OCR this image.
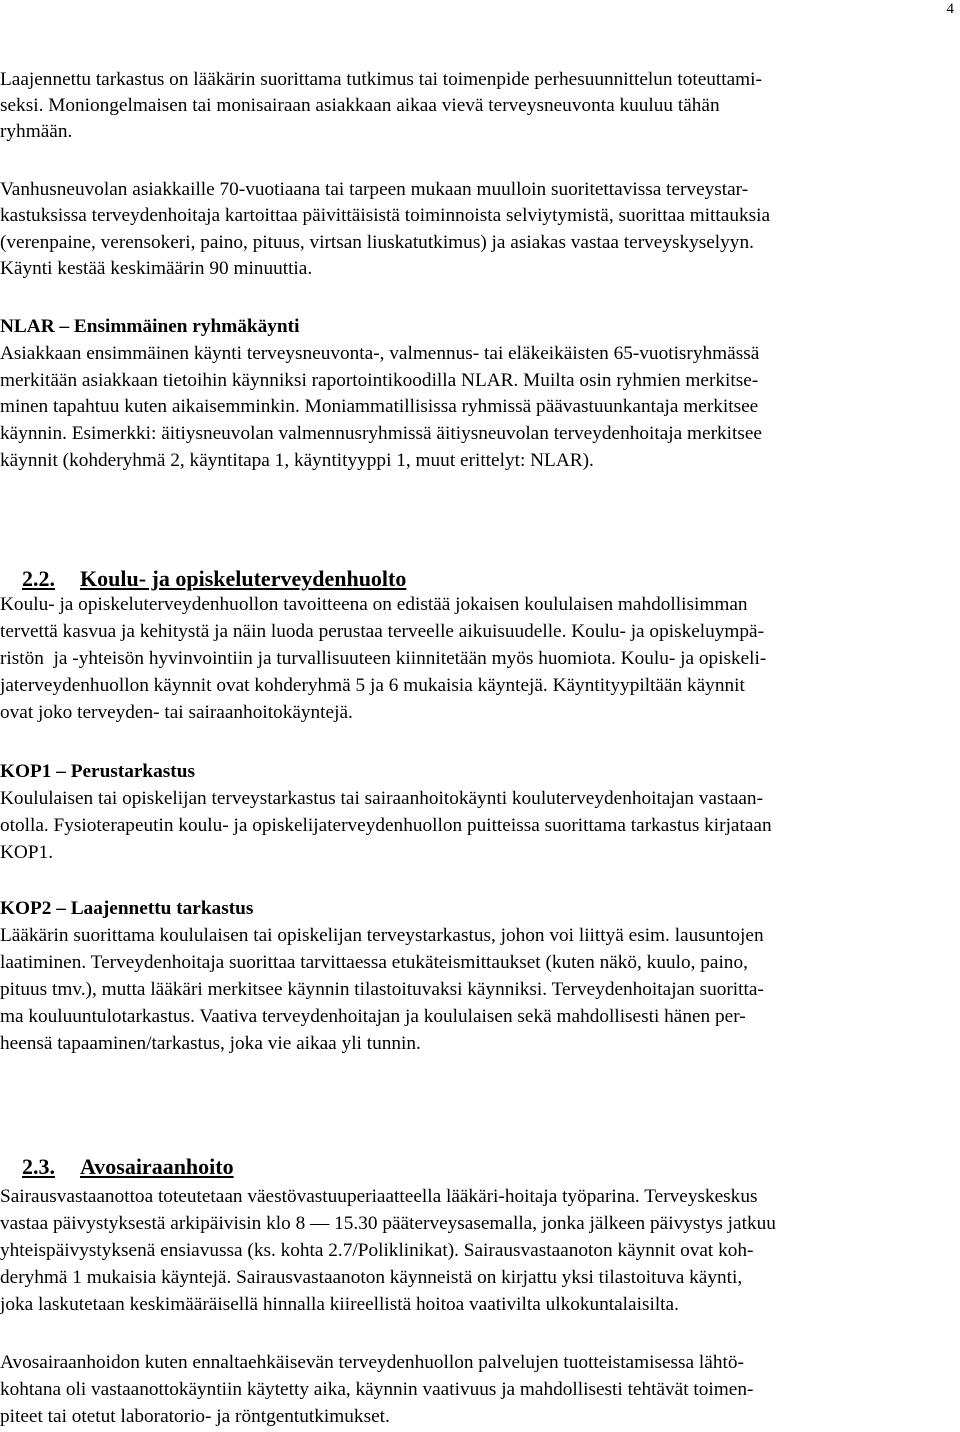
4

Laajennettu tarkastus on lääkärin suorittama tutkimus tai toimenpide perhesuunnittelun toteuttami-

seksi. Moniongelmaisen tai monisairaan asiakkaan aikaa vievä terveysneuvonta kuuluu tähän

ryhmään.

Vanhusneuvolan asiakkaille 70-vuotiaana tai tarpeen mukaan muulloin suoritettavissa terveystar-

kastuksissa terveydenhoitaja kartoittaa päivittäisistä toiminnoista selviytymistä, suorittaa mittauksia

(verenpaine, verensokeri, paino, pituus, virtsan liuskatutkimus) ja asiakas vastaa terveyskyselyyn.

Käynti kestää keskimäärin 90 minuuttia.

NLAR – Ensimmäinen ryhmäkäynti

Asiakkaan ensimmäinen käynti terveysneuvonta-, valmennus- tai eläkeikäisten 65-vuotisryhmässä

merkitään asiakkaan tietoihin käynniksi raportointikoodilla NLAR. Muilta osin ryhmien merkitse-

minen tapahtuu kuten aikaisemminkin. Moniammatillisissa ryhmissä päävastuunkantaja merkitsee

käynnin. Esimerkki: äitiysneuvolan valmennusryhmissä äitiysneuvolan terveydenhoitaja merkitsee

käynnit (kohderyhmä 2, käyntitapa 1, käyntityyppi 1, muut erittelyt: NLAR).

2.2. Koulu- ja opiskeluterveydenhuolto

Koulu- ja opiskeluterveydenhuollon tavoitteena on edistää jokaisen koululaisen mahdollisimman

tervettä kasvua ja kehitystä ja näin luoda perustaa terveelle aikuisuudelle. Koulu- ja opiskeluympä-

ristön  ja -yhteisön hyvinvointiin ja turvallisuuteen kiinnitetään myös huomiota. Koulu- ja opiskeli-

jaterveydenhuollon käynnit ovat kohderyhmä 5 ja 6 mukaisia käyntejä. Käyntityypiltään käynnit

ovat joko terveyden- tai sairaanhoitokäyntejä.

KOP1 – Perustarkastus

Koululaisen tai opiskelijan terveystarkastus tai sairaanhoitokäynti kouluterveydenhoitajan vastaan-

otolla. Fysioterapeutin koulu- ja opiskelijaterveydenhuollon puitteissa suorittama tarkastus kirjataan

KOP1.

KOP2 – Laajennettu tarkastus

Lääkärin suorittama koululaisen tai opiskelijan terveystarkastus, johon voi liittyä esim. lausuntojen

laatiminen. Terveydenhoitaja suorittaa tarvittaessa etukäteismittaukset (kuten näkö, kuulo, paino,

pituus tmv.), mutta lääkäri merkitsee käynnin tilastoituvaksi käynniksi. Terveydenhoitajan suoritta-

ma kouluuntulotarkastus. Vaativa terveydenhoitajan ja koululaisen sekä mahdollisesti hänen per-

heensä tapaaminen/tarkastus, joka vie aikaa yli tunnin.

2.3. Avosairaanhoito

Sairausvastaanottoa toteutetaan väestövastuuperiaatteella lääkäri-hoitaja työparina. Terveyskeskus

vastaa päivystyksestä arkipäivisin klo 8 — 15.30 pääterveysasemalla, jonka jälkeen päivystys jatkuu

yhteispäivystyksenä ensiavussa (ks. kohta 2.7/Poliklinikat). Sairausvastaanoton käynnit ovat koh-

deryhmä 1 mukaisia käyntejä. Sairausvastaanoton käynneistä on kirjattu yksi tilastoituva käynti,

joka laskutetaan keskimääräisellä hinnalla kiireellistä hoitoa vaativilta ulkokuntalaisilta.

Avosairaanhoidon kuten ennaltaehkäisevän terveydenhuollon palvelujen tuotteistamisessa lähtö-

kohtana oli vastaanottokäyntiin käytetty aika, käynnin vaativuus ja mahdollisesti tehtävät toimen-

piteet tai otetut laboratorio- ja röntgentutkimukset.
